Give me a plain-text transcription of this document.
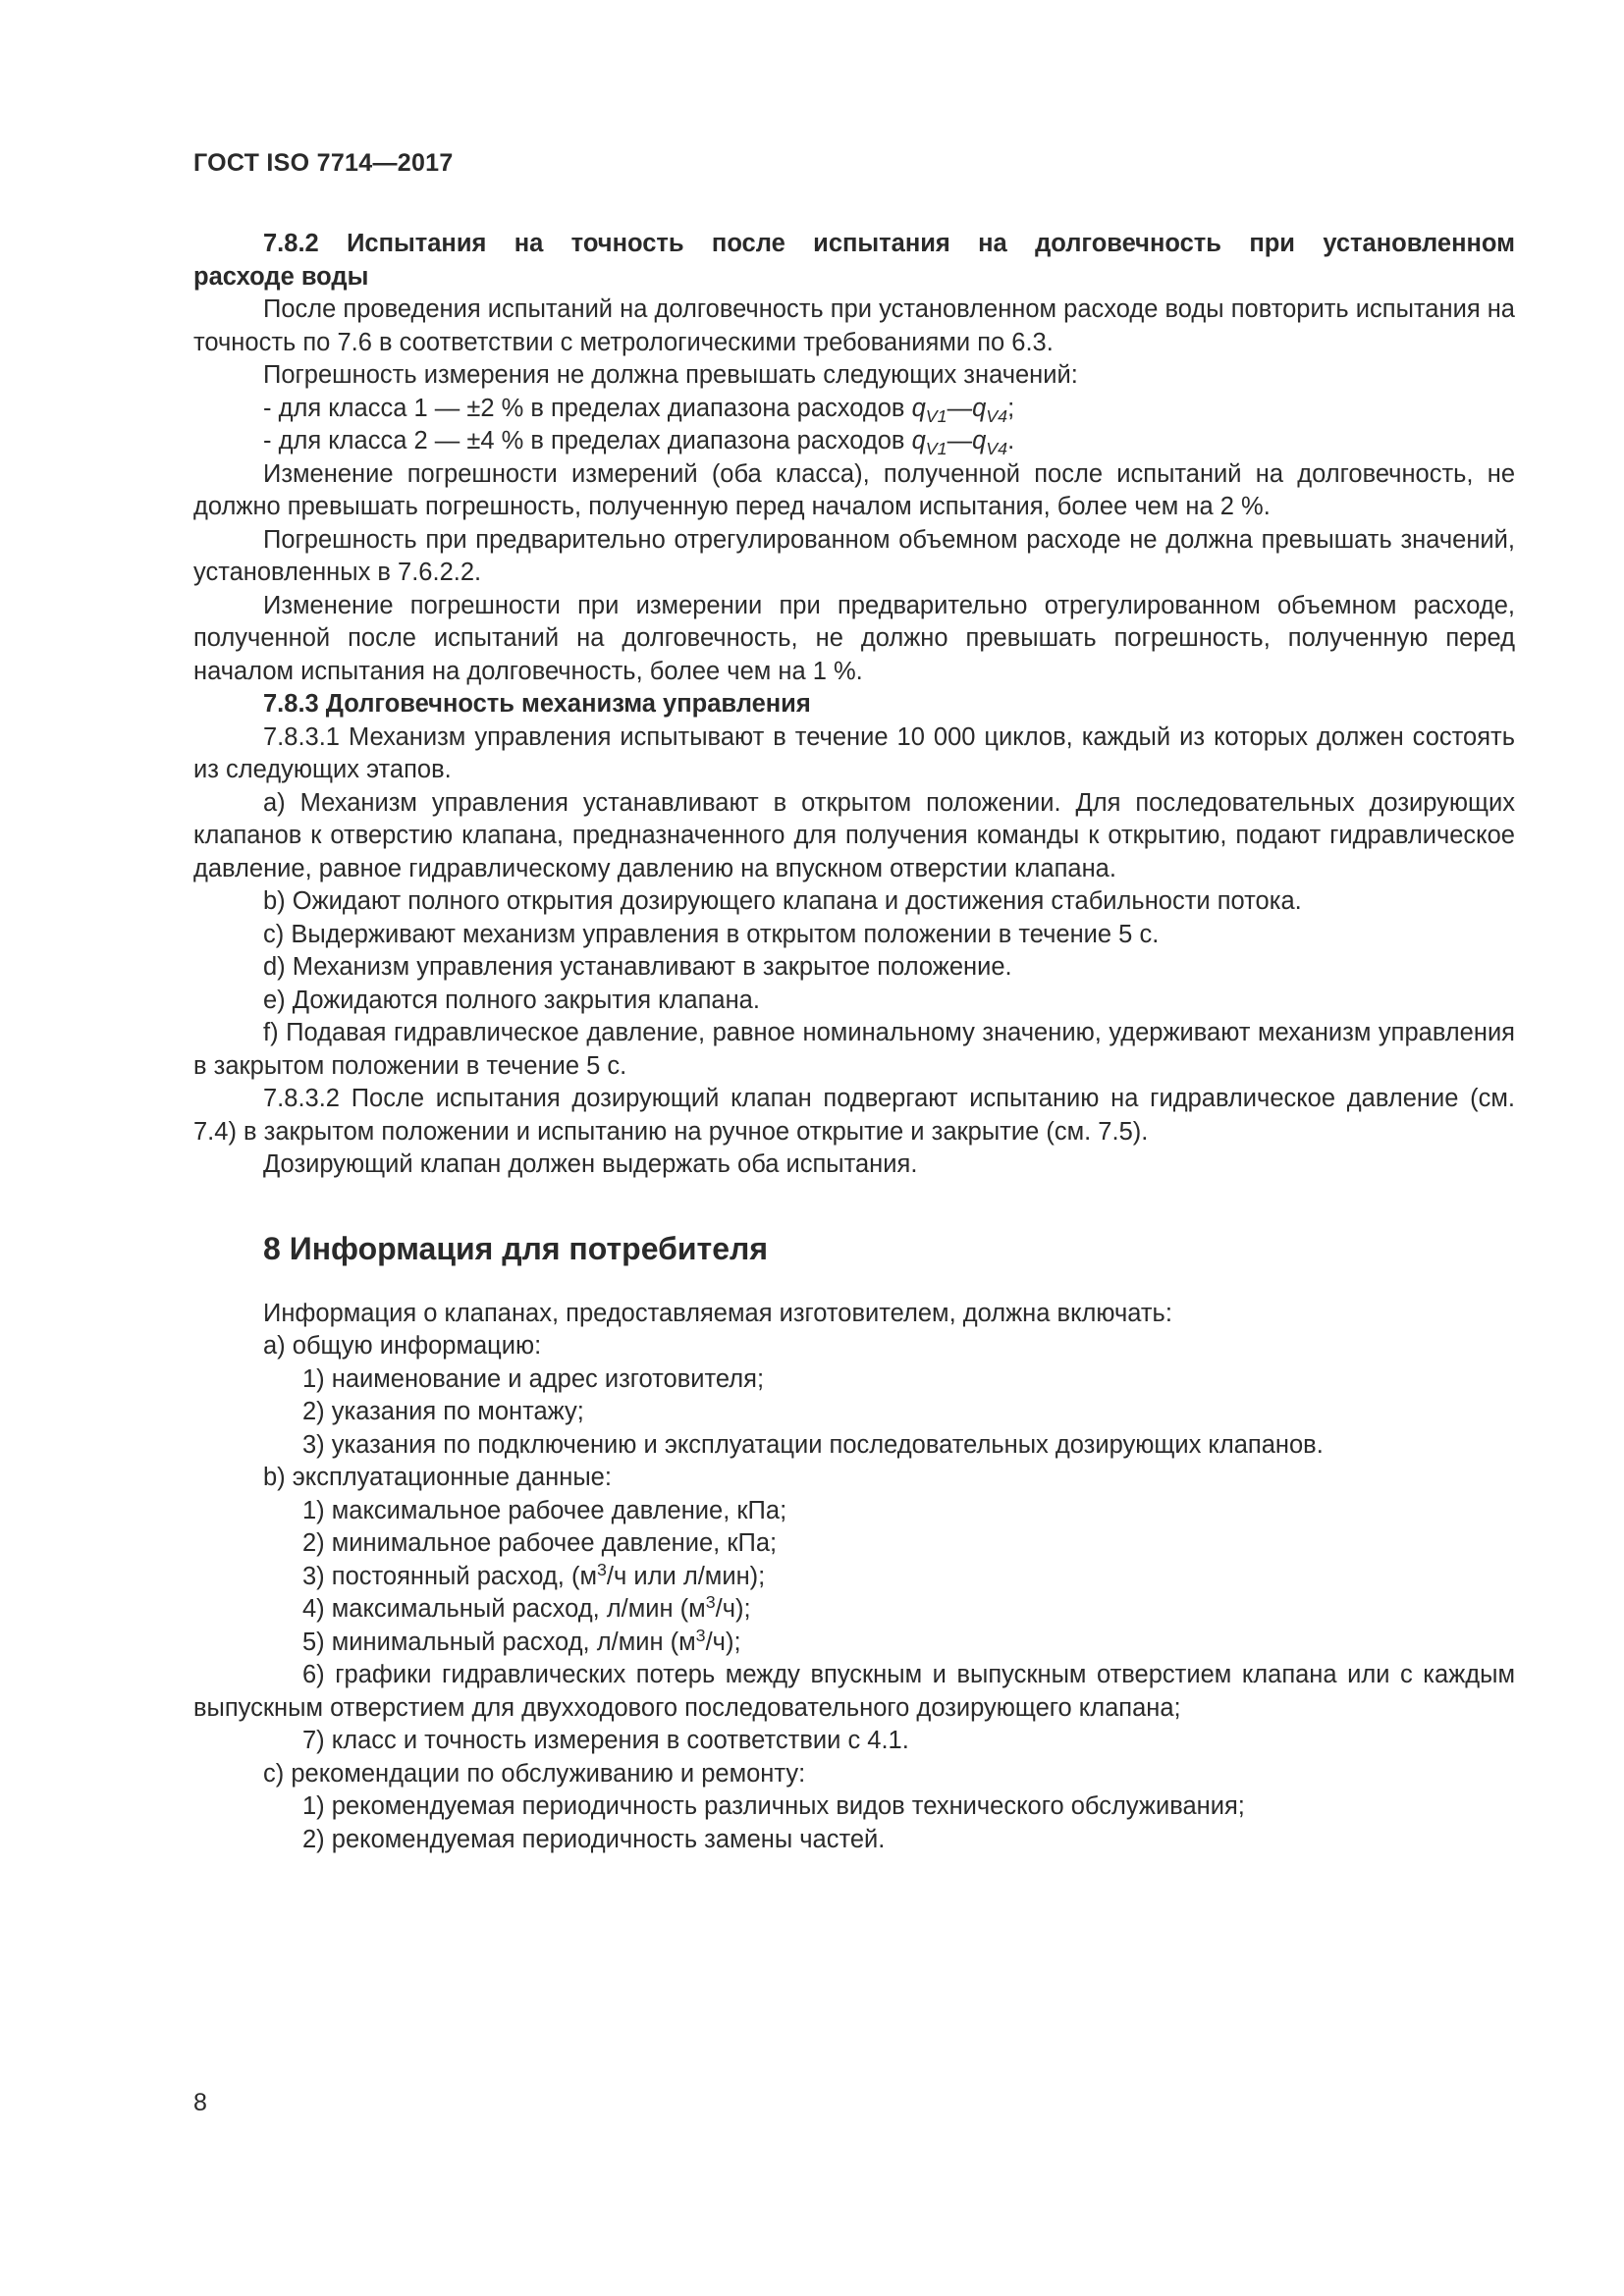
ГОСТ ISO 7714—2017

7.8.2 Испытания на точность после испытания на долговечность при установленном

расходе воды

После проведения испытаний на долговечность при установленном расходе воды повторить испытания на точность по 7.6 в соответствии с метрологическими требованиями по 6.3.

Погрешность измерения не должна превышать следующих значений:

- для класса 1 — ±2 % в пределах диапазона расходов $q_{V1}—q_{V4}$;

- для класса 2 — ±4 % в пределах диапазона расходов $q_{V1}—q_{V4}$.

Изменение погрешности измерений (оба класса), полученной после испытаний на долговечность, не должно превышать погрешность, полученную перед началом испытания, более чем на 2 %.

Погрешность при предварительно отрегулированном объемном расходе не должна превышать значений, установленных в 7.6.2.2.

Изменение погрешности при измерении при предварительно отрегулированном объемном расходе, полученной после испытаний на долговечность, не должно превышать погрешность, полученную перед началом испытания на долговечность, более чем на 1 %.

7.8.3 Долговечность механизма управления

7.8.3.1 Механизм управления испытывают в течение 10 000 циклов, каждый из которых должен состоять из следующих этапов.

a) Механизм управления устанавливают в открытом положении. Для последовательных дозирующих клапанов к отверстию клапана, предназначенного для получения команды к открытию, подают гидравлическое давление, равное гидравлическому давлению на впускном отверстии клапана.

b) Ожидают полного открытия дозирующего клапана и достижения стабильности потока.

c) Выдерживают механизм управления в открытом положении в течение 5 с.

d) Механизм управления устанавливают в закрытое положение.

e) Дожидаются полного закрытия клапана.

f) Подавая гидравлическое давление, равное номинальному значению, удерживают механизм управления в закрытом положении в течение 5 с.

7.8.3.2 После испытания дозирующий клапан подвергают испытанию на гидравлическое давление (см. 7.4) в закрытом положении и испытанию на ручное открытие и закрытие (см. 7.5).

Дозирующий клапан должен выдержать оба испытания.

8 Информация для потребителя

Информация о клапанах, предоставляемая изготовителем, должна включать:

a) общую информацию:

1) наименование и адрес изготовителя;

2) указания по монтажу;

3) указания по подключению и эксплуатации последовательных дозирующих клапанов.

b) эксплуатационные данные:

1) максимальное рабочее давление, кПа;

2) минимальное рабочее давление, кПа;

3) постоянный расход, ($м^3/ч$ или л/мин);

4) максимальный расход, л/мин $(м^3/ч)$;

5) минимальный расход, л/мин $(м^3/ч)$;

6) графики гидравлических потерь между впускным и выпускным отверстием клапана или с каждым выпускным отверстием для двухходового последовательного дозирующего клапана;

7) класс и точность измерения в соответствии с 4.1.

c) рекомендации по обслуживанию и ремонту:

1) рекомендуемая периодичность различных видов технического обслуживания;

2) рекомендуемая периодичность замены частей.

8
